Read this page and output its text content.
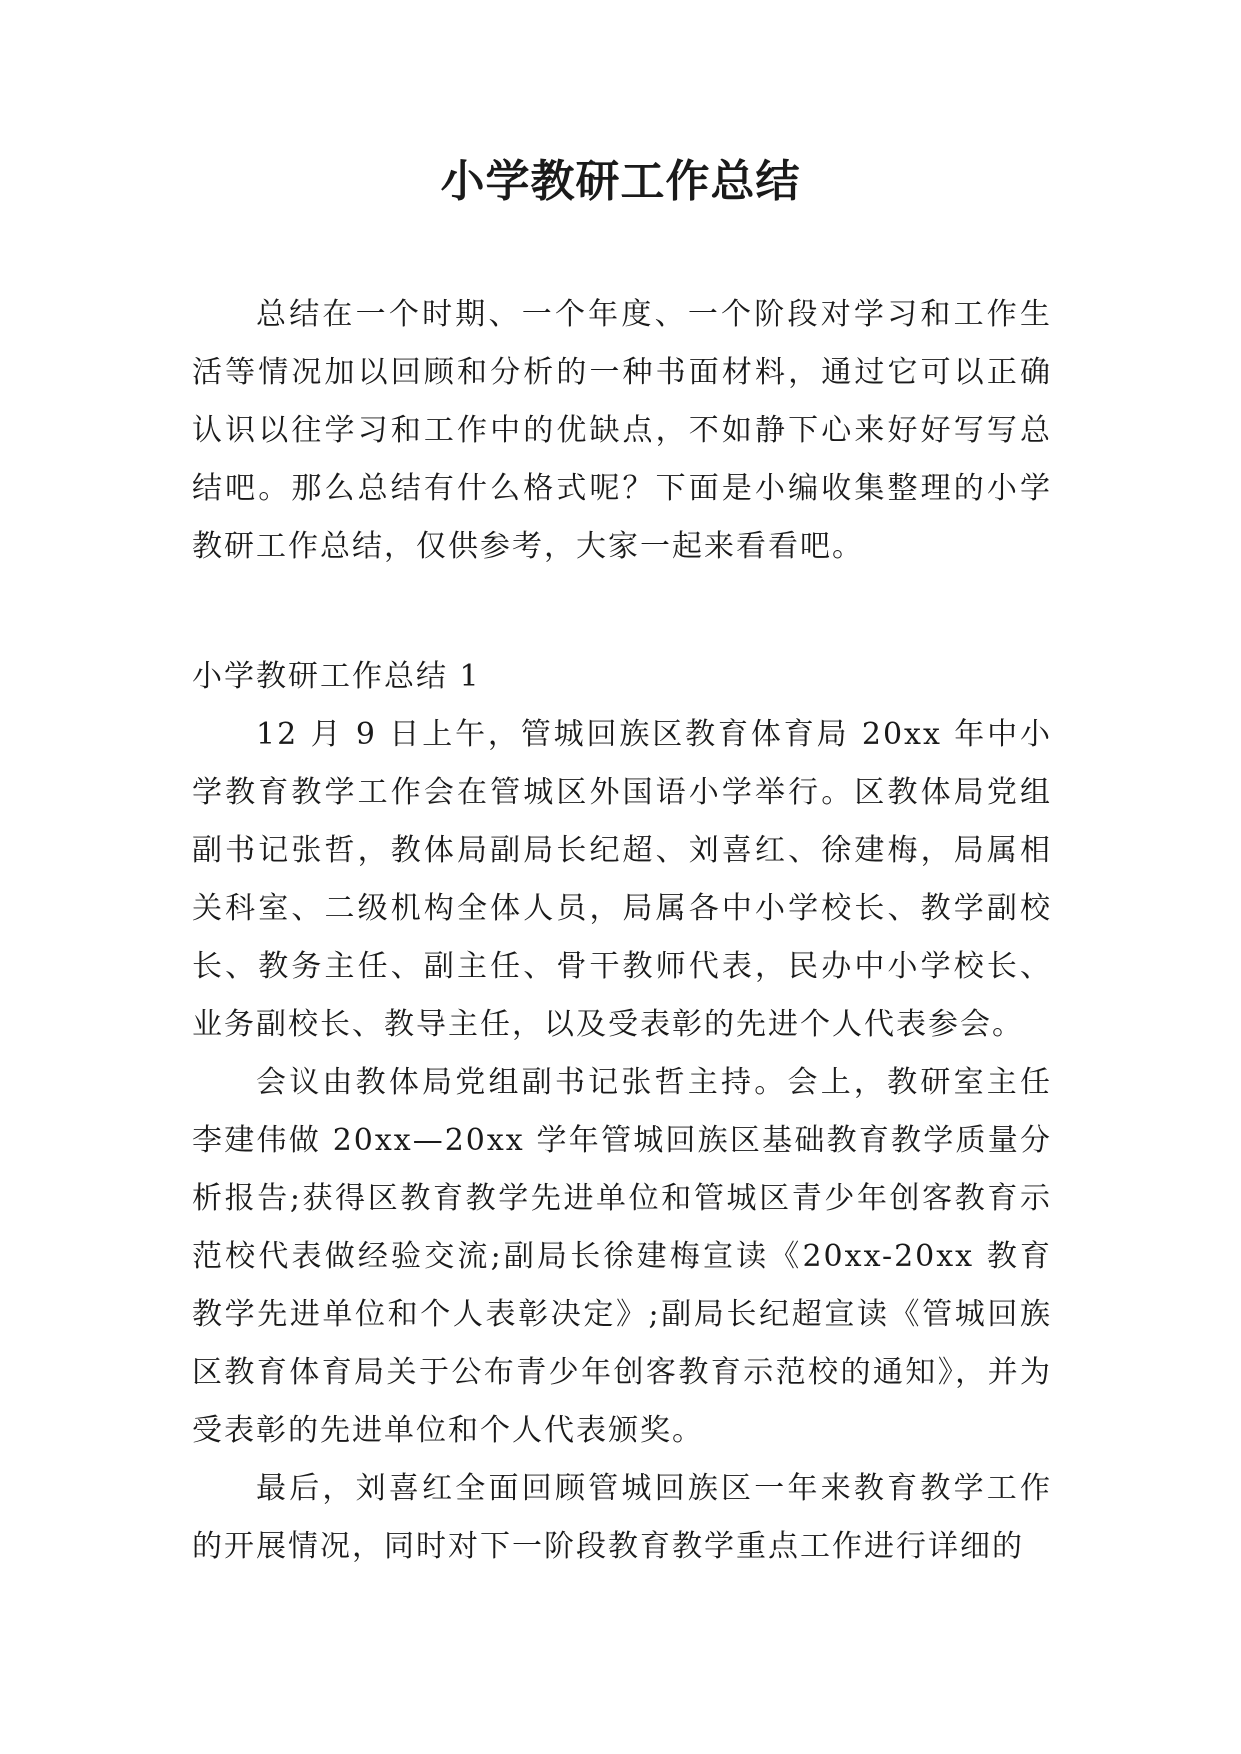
小学教研工作总结

总结在一个时期、一个年度、一个阶段对学习和工作生活等情况加以回顾和分析的一种书面材料，通过它可以正确认识以往学习和工作中的优缺点，不如静下心来好好写写总结吧。那么总结有什么格式呢？下面是小编收集整理的小学教研工作总结，仅供参考，大家一起来看看吧。

小学教研工作总结 1

12 月 9 日上午，管城回族区教育体育局 20xx 年中小学教育教学工作会在管城区外国语小学举行。区教体局党组副书记张哲，教体局副局长纪超、刘喜红、徐建梅，局属相关科室、二级机构全体人员，局属各中小学校长、教学副校长、教务主任、副主任、骨干教师代表，民办中小学校长、业务副校长、教导主任，以及受表彰的先进个人代表参会。

会议由教体局党组副书记张哲主持。会上，教研室主任李建伟做 20xx—20xx 学年管城回族区基础教育教学质量分析报告;获得区教育教学先进单位和管城区青少年创客教育示范校代表做经验交流;副局长徐建梅宣读《20xx-20xx 教育教学先进单位和个人表彰决定》;副局长纪超宣读《管城回族区教育体育局关于公布青少年创客教育示范校的通知》，并为受表彰的先进单位和个人代表颁奖。

最后，刘喜红全面回顾管城回族区一年来教育教学工作的开展情况，同时对下一阶段教育教学重点工作进行详细的
